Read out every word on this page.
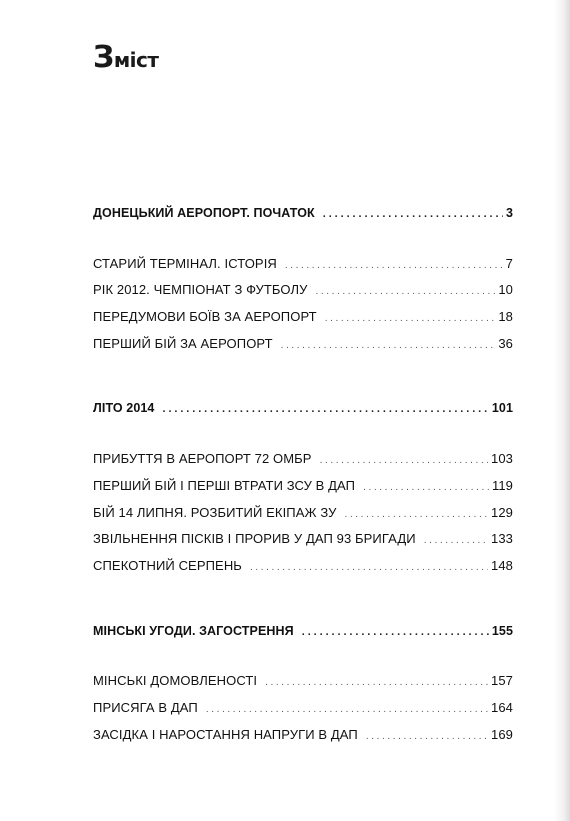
Зміст
ДОНЕЦЬКИЙ АЕРОПОРТ. ПОЧАТОК .....	3
СТАРИЙ ТЕРМІНАЛ. ІСТОРІЯ .....	7
РІК 2012. ЧЕМПІОНАТ З ФУТБОЛУ .....	10
ПЕРЕДУМОВИ БОЇВ ЗА АЕРОПОРТ .....	18
ПЕРШИЙ БІЙ ЗА АЕРОПОРТ .....	36
ЛІТО 2014 .....	101
ПРИБУТТЯ В АЕРОПОРТ 72 ОМБР .....	103
ПЕРШИЙ БІЙ І ПЕРШІ ВТРАТИ ЗСУ В ДАП .....	119
БІЙ 14 ЛИПНЯ. РОЗБИТИЙ ЕКІПАЖ ЗУ .....	129
ЗВІЛЬНЕННЯ ПІСКІВ І ПРОРИВ У ДАП 93 БРИГАДИ .....	133
СПЕКОТНИЙ СЕРПЕНЬ .....	148
МІНСЬКІ УГОДИ. ЗАГОСТРЕННЯ .....	155
МІНСЬКІ ДОМОВЛЕНОСТІ .....	157
ПРИСЯГА В ДАП .....	164
ЗАСІДКА І НАРОСТАННЯ НАПРУГИ В ДАП .....	169
